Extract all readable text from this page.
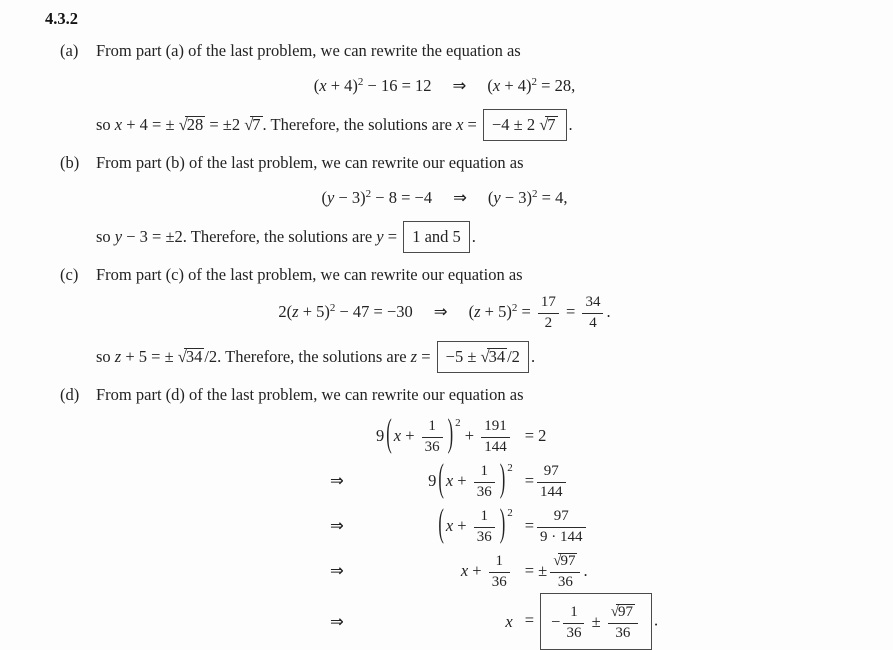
4.3.2
(a)	From part (a) of the last problem, we can rewrite the equation as
$(x + 4)^2 - 16 = 12$ ⇒ $(x + 4)^2 = 28$,
so x + 4 = ± √28 = ±2 √7 . Therefore, the solutions are x = −4 ± 2 √7 .
(b)	From part (b) of the last problem, we can rewrite our equation as
$(y - 3)^2 - 8 = -4$ ⇒ $(y - 3)^2 = 4$,
so y − 3 = ±2. Therefore, the solutions are y = 1 and 5 .
(c)	From part (c) of the last problem, we can rewrite our equation as
$2(z + 5)^2 - 47 = -30$ ⇒ $(z + 5)^2 = \frac{17}{2} = \frac{34}{4}$ .
so z + 5 = ± √34 /2. Therefore, the solutions are z = −5 ± √34 /2 .
(d)	From part (d) of the last problem, we can rewrite our equation as
9 ( $x + \frac{1}{36}$ ) $^2 + \frac{191}{144} = 2$
⇒	9 ( $x + \frac{1}{36}$ ) $^2$
= $\frac{97}{144}$
⇒	( $x + \frac{1}{36}$ ) $^2$
= $\frac{97}{9 \cdot 144}$
⇒	$x + \frac{1}{36}$ = ± $\frac{√97}{36}$ .
⇒	x = − $\frac{1}{36} \pm \frac{√97}{36}$ .
